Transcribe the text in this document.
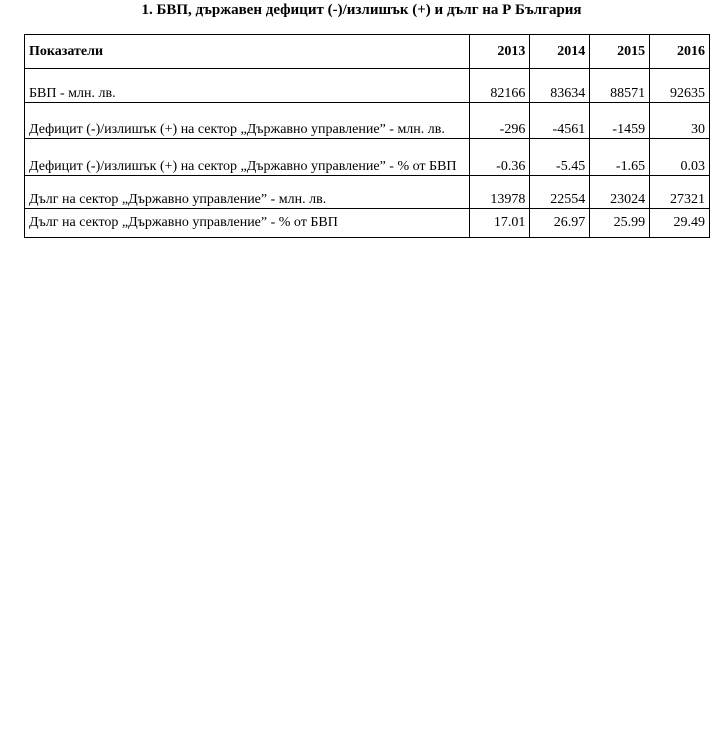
1. БВП, държавен дефицит (-)/излишък (+) и дълг на Р България
Показатели	2013	2014	2015	2016
БВП - млн. лв.	82166	83634	88571	92635
Дефицит (-)/излишък (+) на сектор „Държавно управление” - млн. лв.	-296	-4561	-1459	30
Дефицит (-)/излишък (+) на сектор „Държавно управление” - % от БВП	-0.36	-5.45	-1.65	0.03
Дълг на сектор „Държавно управление” - млн. лв.	13978	22554	23024	27321
Дълг на сектор „Държавно управление” - % от БВП	17.01	26.97	25.99	29.49
